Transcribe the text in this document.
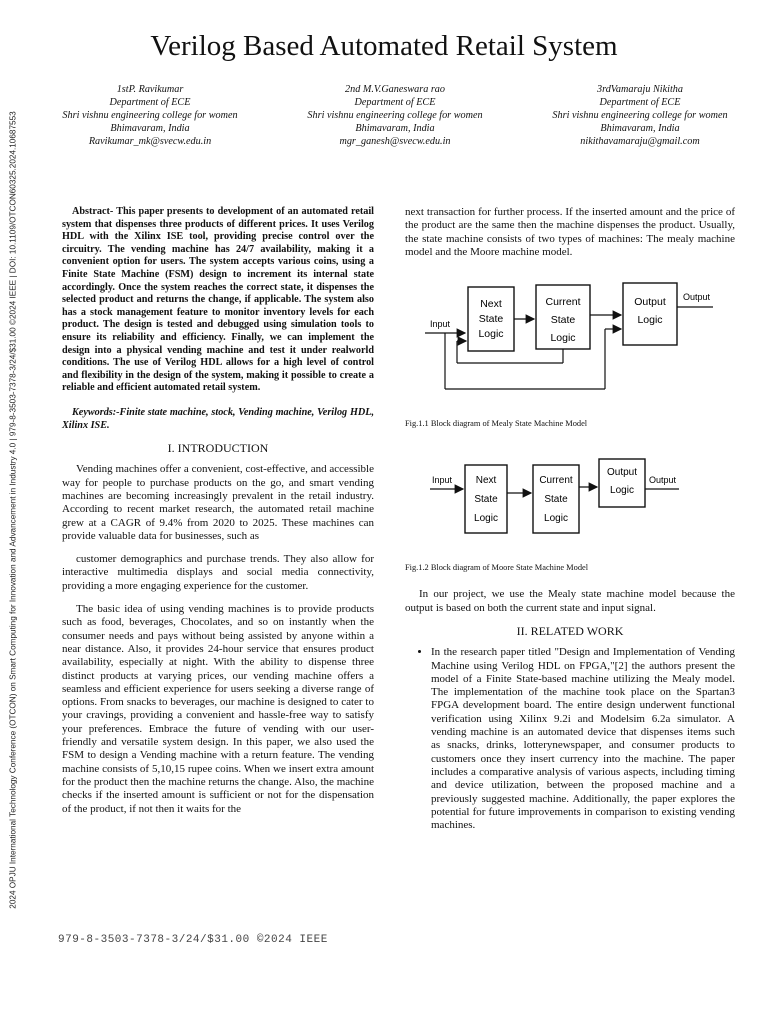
2024 OPJU International Technology Conference (OTCON) on Smart Computing for Innovation and Advancement in Industry 4.0 | 979-8-3503-7378-3/24/$31.00 ©2024 IEEE | DOI: 10.1109/OTCON60325.2024.10687553
Verilog Based Automated Retail System
1stP. Ravikumar
Department of ECE
Shri vishnu engineering college for women
Bhimavaram, India
Ravikumar_mk@svecw.edu.in
2nd M.V.Ganeswara rao
Department of ECE
Shri vishnu engineering college for women
Bhimavaram, India
mgr_ganesh@svecw.edu.in
3rdVamaraju Nikitha
Department of ECE
Shri vishnu engineering college for women
Bhimavaram, India
nikithavamaraju@gmail.com

Abstract- This paper presents to development of an automated retail system that dispenses three products of different prices. It uses Verilog HDL with the Xilinx ISE tool, providing precise control over the circuitry. The vending machine has 24/7 availability, making it a convenient option for users. The system accepts various coins, using a Finite State Machine (FSM) design to increment its internal state accordingly. Once the system reaches the correct state, it dispenses the selected product and returns the change, if applicable. The system also has a stock management feature to monitor inventory levels for each product. The design is tested and debugged using simulation tools to ensure its reliability and efficiency. Finally, we can implement the design into a physical vending machine and test it under realworld conditions. The use of Verilog HDL allows for a high level of control and flexibility in the design of the system, making it possible to create a reliable and efficient automated retail system.

Keywords:-Finite state machine, stock, Vending machine, Verilog HDL, Xilinx ISE.

I. INTRODUCTION

Vending machines offer a convenient, cost-effective, and accessible way for people to purchase products on the go, and smart vending machines are becoming increasingly prevalent in the retail industry. According to recent market research, the automated retail machine grew at a CAGR of 9.4% from 2020 to 2025. These machines can provide valuable data for businesses, such as

customer demographics and purchase trends. They also allow for interactive multimedia displays and social media connectivity, providing a more engaging experience for the customer.

The basic idea of using vending machines is to provide products such as food, beverages, Chocolates, and so on instantly when the consumer needs and pays without being assisted by anyone within a near distance. Also, it provides 24-hour service that ensures product availability, especially at night. With the ability to dispense three distinct products at varying prices, our vending machine offers a seamless and efficient experience for users seeking a diverse range of options. From snacks to beverages, our machine is designed to cater to your cravings, providing a convenient and hassle-free way to satisfy your preferences. Embrace the future of vending with our user-friendly and versatile system design. In this paper, we also used the FSM to design a Vending machine with a return feature. The vending machine consists of 5,10,15 rupee coins. When we insert extra amount for the product then the machine returns the change. Also, the machine checks if the inserted amount is sufficient or not for the dispensation of the product, if not then it waits for the

next transaction for further process. If the inserted amount and the price of the product are the same then the machine dispenses the product. Usually, the state machine consists of two types of machines: The mealy machine model and the Moore machine model.

Next
State
Logic
Current
State
Logic
Output
Logic
Input
Output
Fig.1.1 Block diagram of Mealy State Machine Model
Next
State
Logic
Current
State
Logic
Output
Logic
Input	Output
Fig.1.2 Block diagram of Moore State Machine Model

In our project, we use the Mealy state machine model because the output is based on both the current state and input signal.

II. RELATED WORK
• In the research paper titled "Design and Implementation of Vending Machine using Verilog HDL on FPGA,"[2] the authors present the model of a Finite State-based machine utilizing the Mealy model. The implementation of the machine took place on the Spartan3 FPGA development board. The entire design underwent functional verification using Xilinx 9.2i and Modelsim 6.2a simulator. A vending machine is an automated device that dispenses items such as snacks, drinks, lotterynewspaper, and consumer products to customers once they insert currency into the machine. The paper includes a comparative analysis of various aspects, including timing and device utilization, between the proposed machine and a previously suggested machine. Additionally, the paper explores the potential for future improvements in comparison to existing vending machines.
979-8-3503-7378-3/24/$31.00 ©2024 IEEE
